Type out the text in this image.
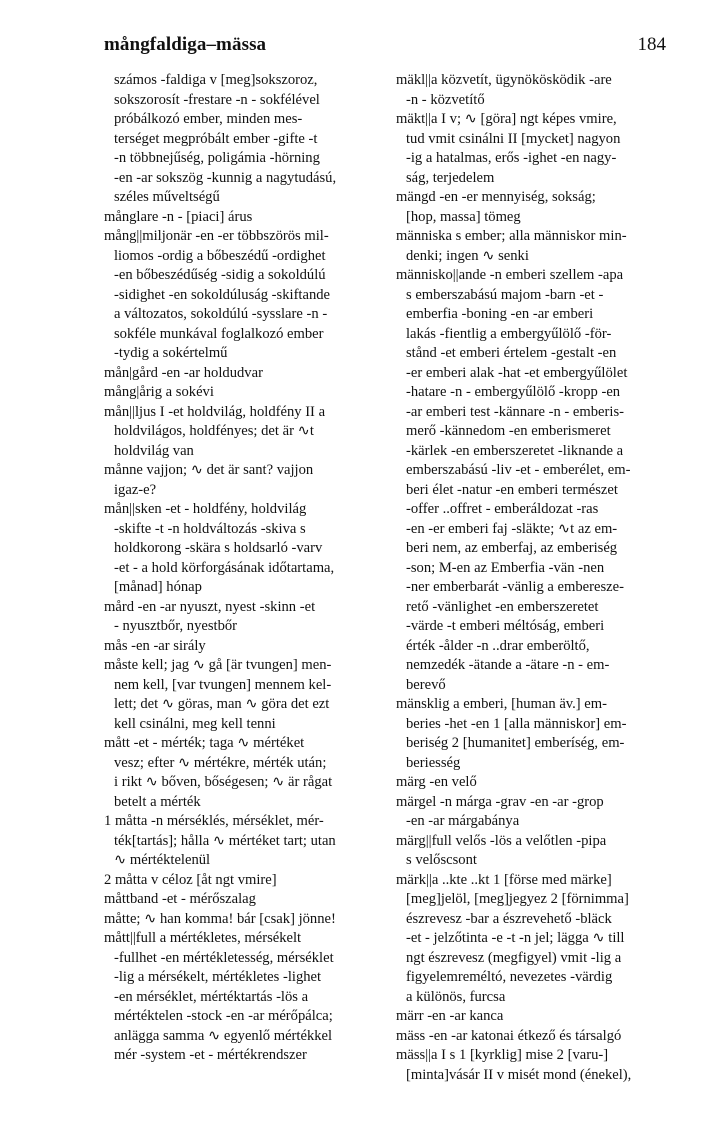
mångfaldiga–mässa	184
számos -faldiga v [meg]sokszoroz,
sokszorosít -frestare -n - sokfélével
próbálkozó ember, minden mes-
terséget megpróbált ember -gifte -t
-n többnejűség, poligámia -hörning
-en -ar sokszög -kunnig a nagytudású,
széles műveltségű
månglare -n - [piaci] árus
mång||miljonär -en -er többszörös mil-
liomos -ordig a bőbeszédű -ordighet
-en bőbeszédűség -sidig a sokoldúlú
-sidighet -en sokoldúluság -skiftande
a változatos, sokoldúlú -sysslare -n -
sokféle munkával foglalkozó ember
-tydig a sokértelmű
mån|gård -en -ar holdudvar
mång|årig a sokévi
mån||ljus I -et holdvilág, holdfény II a
holdvilágos, holdfényes; det är ∿t
holdvilág van
månne vajjon; ∿ det är sant? vajjon
igaz-e?
mån||sken -et - holdfény, holdvilág
-skifte -t -n holdváltozás -skiva s
holdkorong -skära s holdsarló -varv
-et - a hold körforgásának időtartama,
[månad] hónap
mård -en -ar nyuszt, nyest -skinn -et
- nyusztbőr, nyestbőr
mås -en -ar sirály
måste kell; jag ∿ gå [är tvungen] men-
nem kell, [var tvungen] mennem kel-
lett; det ∿ göras, man ∿ göra det ezt
kell csinálni, meg kell tenni
mått -et - mérték; taga ∿ mértéket
vesz; efter ∿ mértékre, mérték után;
i rikt ∿ bőven, bőségesen; ∿ är rågat
betelt a mérték
1 måtta -n mérséklés, mérséklet, mér-
ték[tartás]; hålla ∿ mértéket tart; utan
∿ mértéktelenül
2 måtta v céloz [åt ngt vmire]
måttband -et - mérőszalag
måtte; ∿ han komma! bár [csak] jönne!
mått||full a mértékletes, mérsékelt
-fullhet -en mértékletesség, mérséklet
-lig a mérsékelt, mértékletes -lighet
-en mérséklet, mértéktartás -lös a
mértéktelen -stock -en -ar mérőpálca;
anlägga samma ∿ egyenlő mértékkel
mér -system -et - mértékrendszer
mäkl||a közvetít, ügynökösködik -are
-n - közvetítő
mäkt||a I v; ∿ [göra] ngt képes vmire,
tud vmit csinálni II [mycket] nagyon
-ig a hatalmas, erős -ighet -en nagy-
ság, terjedelem
mängd -en -er mennyiség, sokság;
[hop, massa] tömeg
människa s ember; alla människor min-
denki; ingen ∿ senki
människo||ande -n emberi szellem -apa
s emberszabású majom -barn -et -
emberfia -boning -en -ar emberi
lakás -fientlig a embergyűlölő -för-
stånd -et emberi értelem -gestalt -en
-er emberi alak -hat -et embergyűlölet
-hatare -n - embergyűlölő -kropp -en
-ar emberi test -kännare -n - emberis-
merő -kännedom -en emberismeret
-kärlek -en emberszeretet -liknande a
emberszabású -liv -et - emberélet, em-
beri élet -natur -en emberi természet
-offer ..offret - emberáldozat -ras
-en -er emberi faj -släkte; ∿t az em-
beri nem, az emberfaj, az emberiség
-son; M-en az Emberfia -vän -nen
-ner emberbarát -vänlig a emberesze-
rető -vänlighet -en emberszeretet
-värde -t emberi méltóság, emberi
érték -ålder -n ..drar emberöltő,
nemzedék -ätande a -ätare -n - em-
berevő
mänsklig a emberi, [human äv.] em-
beries -het -en 1 [alla människor] em-
beriség 2 [humanitet] emberíség, em-
beriesség
märg -en velő
märgel -n márga -grav -en -ar -grop
-en -ar márgabánya
märg||full velős -lös a velőtlen -pipa
s velőscsont
märk||a ..kte ..kt 1 [förse med märke]
[meg]jelöl, [meg]jegyez 2 [förnimma]
észrevesz -bar a észrevehető -bläck
-et - jelzőtinta -e -t -n jel; lägga ∿ till
ngt észrevesz (megfigyel) vmit -lig a
figyelemreméltó, nevezetes -värdig
a különös, furcsa
märr -en -ar kanca
mäss -en -ar katonai étkező és társalgó
mäss||a I s 1 [kyrklig] mise 2 [varu-]
[minta]vásár II v misét mond (énekel),
